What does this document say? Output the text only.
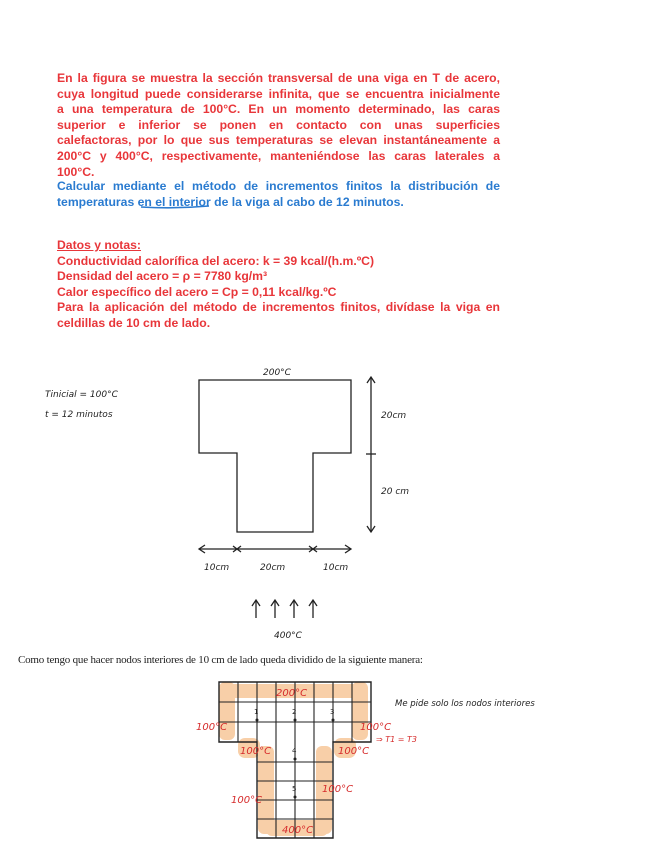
En la figura se muestra la sección transversal de una viga en T de acero,
cuya longitud puede considerarse infinita, que se encuentra inicialmente
a una temperatura de 100°C. En un momento determinado, las caras
superior e inferior se ponen en contacto con unas superficies
calefactoras, por lo que sus temperaturas se elevan instantáneamente a
200°C y 400°C, respectivamente, manteniéndose las caras laterales a
100°C.

Calcular mediante el método de incrementos finitos la distribución de
temperaturas en el interior de la viga al cabo de 12 minutos.

Datos y notas:
Conductividad calorífica del acero: k = 39 kcal/(h.m.ºC)
Densidad del acero = ρ = 7780 kg/m³
Calor específico del acero = Cp = 0,11 kcal/kg.ºC
Para la aplicación del método de incrementos finitos, divídase la viga en
celdillas de 10 cm de lado.
200°C
Tinicial = 100°C
t = 12 minutos	20cm
20 cm
10cm	20cm	10cm
400°C
Como tengo que hacer nodos interiores de 10 cm de lado queda dividido de la siguiente manera:
1	2	3
4
5
200°C
100°C	100°C
100°C	100°C
100°C
100°C
400°C
⇒ T1 = T3
Me pide solo los nodos interiores
